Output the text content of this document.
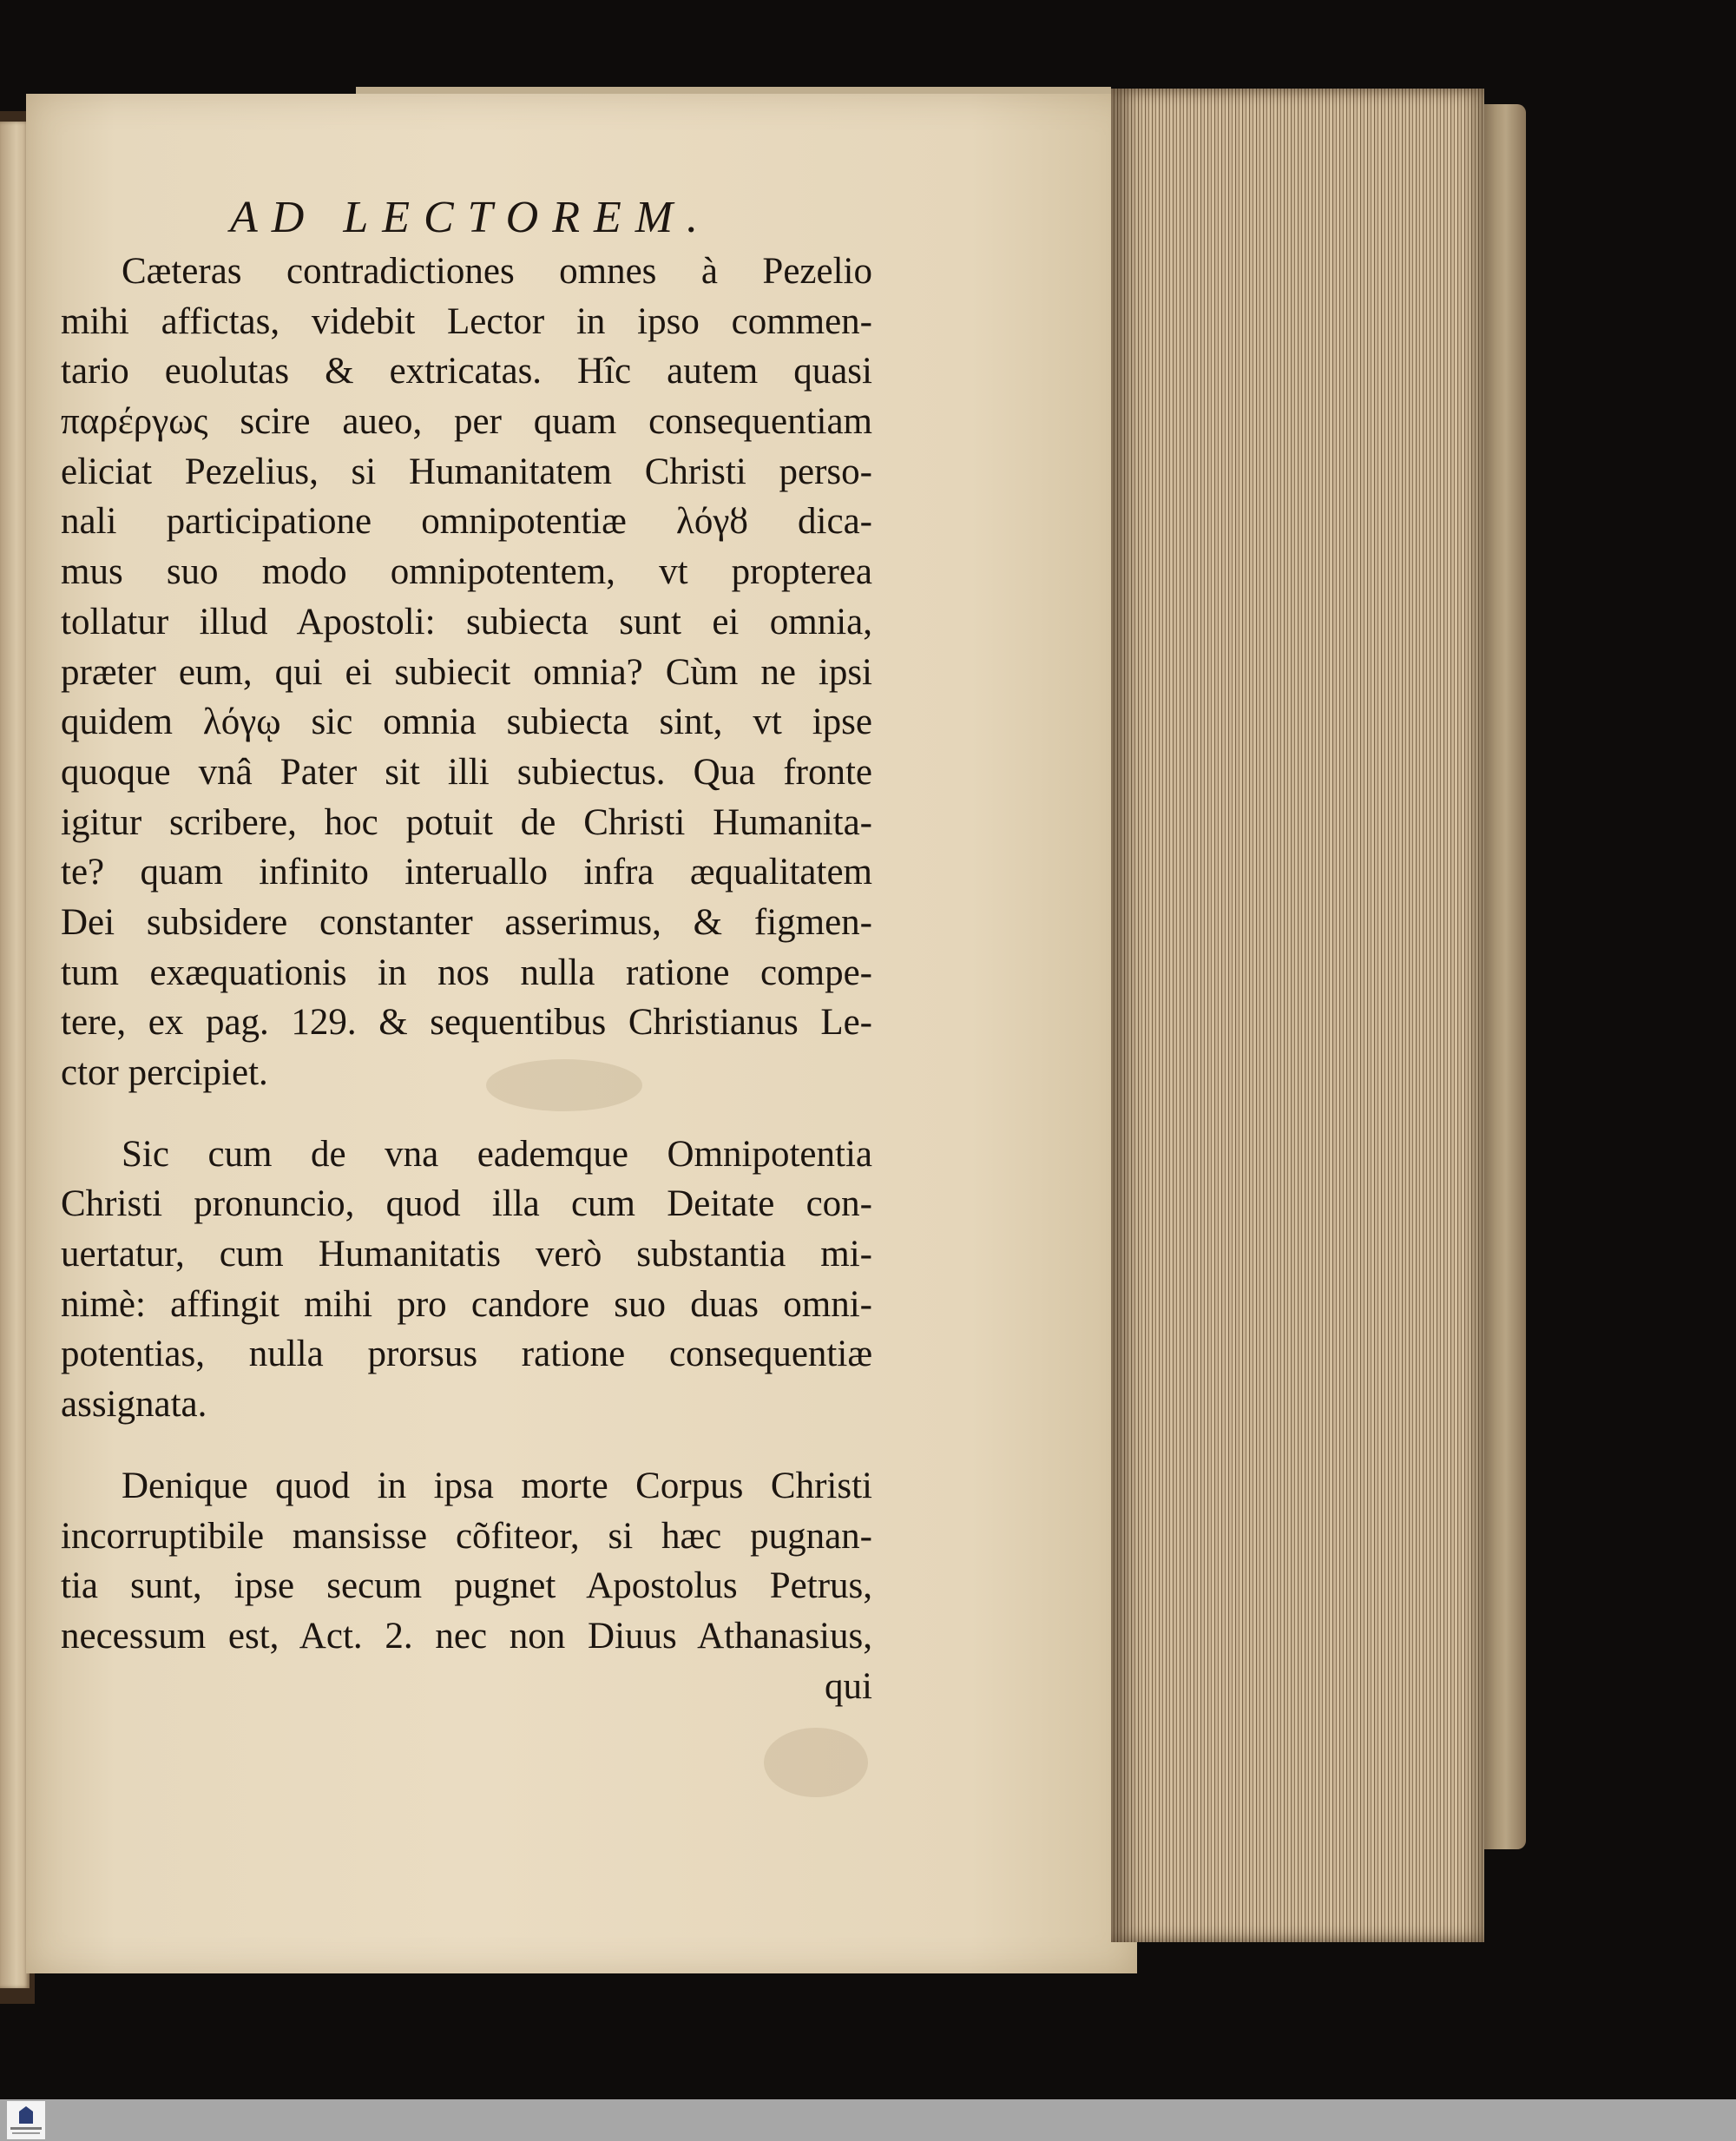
AD LECTOREM.
Cæteras contradictiones omnes à Pezelio
mihi affictas, videbit Lector in ipso commen-
tario euolutas & extricatas. Hîc autem quasi
παρέργως scire aueo, per quam consequentiam
eliciat Pezelius, si Humanitatem Christi perso-
nali participatione omnipotentiæ λόγȣ dica-
mus suo modo omnipotentem, vt propterea
tollatur illud Apostoli: subiecta sunt ei omnia,
præter eum, qui ei subiecit omnia? Cùm ne ipsi
quidem λόγῳ sic omnia subiecta sint, vt ipse
quoque vnâ Pater sit illi subiectus. Qua fronte
igitur scribere, hoc potuit de Christi Humanita-
te? quam infinito interuallo infra æqualitatem
Dei subsidere constanter asserimus, & figmen-
tum exæquationis in nos nulla ratione compe-
tere, ex pag. 129. & sequentibus Christianus Le-
ctor percipiet.
Sic cum de vna eademque Omnipotentia
Christi pronuncio, quod illa cum Deitate con-
uertatur, cum Humanitatis verò substantia mi-
nimè: affingit mihi pro candore suo duas omni-
potentias, nulla prorsus ratione consequentiæ
assignata.
Denique quod in ipsa morte Corpus Christi
incorruptibile mansisse cõfiteor, si hæc pugnan-
tia sunt, ipse secum pugnet Apostolus Petrus,
necessum est, Act. 2. nec non Diuus Athanasius,
qui
